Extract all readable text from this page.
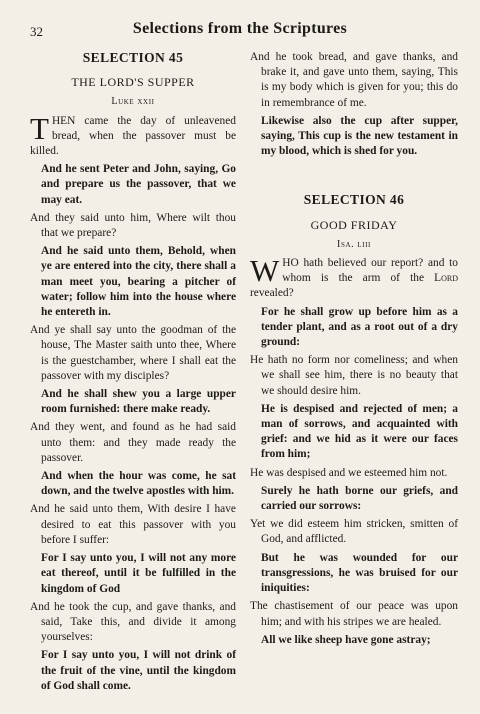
32	Selections from the Scriptures
SELECTION 45
THE LORD'S SUPPER
Luke xxii

THEN came the day of unleavened bread, when the passover must be killed.

And he sent Peter and John, saying, Go and prepare us the passover, that we may eat.

And they said unto him, Where wilt thou that we prepare?

And he said unto them, Behold, when ye are entered into the city, there shall a man meet you, bearing a pitcher of water; follow him into the house where he entereth in.

And ye shall say unto the goodman of the house, The Master saith unto thee, Where is the guestchamber, where I shall eat the passover with my disciples?

And he shall shew you a large upper room furnished: there make ready.

And they went, and found as he had said unto them: and they made ready the passover.

And when the hour was come, he sat down, and the twelve apostles with him.

And he said unto them, With desire I have desired to eat this passover with you before I suffer:

For I say unto you, I will not any more eat thereof, until it be fulfilled in the kingdom of God

And he took the cup, and gave thanks, and said, Take this, and divide it among yourselves:

For I say unto you, I will not drink of the fruit of the vine, until the kingdom of God shall come.

And he took bread, and gave thanks, and brake it, and gave unto them, saying, This is my body which is given for you; this do in remembrance of me.

Likewise also the cup after supper, saying, This cup is the new testament in my blood, which is shed for you.

SELECTION 46
GOOD FRIDAY
Isa. liii

WHO hath believed our report? and to whom is the arm of the Lord revealed?

For he shall grow up before him as a tender plant, and as a root out of a dry ground:

He hath no form nor comeliness; and when we shall see him, there is no beauty that we should desire him.

He is despised and rejected of men; a man of sorrows, and acquainted with grief: and we hid as it were our faces from him;

He was despised and we esteemed him not.

Surely he hath borne our griefs, and carried our sorrows:

Yet we did esteem him stricken, smitten of God, and afflicted.

But he was wounded for our transgressions, he was bruised for our iniquities:

The chastisement of our peace was upon him; and with his stripes we are healed.

All we like sheep have gone astray;
